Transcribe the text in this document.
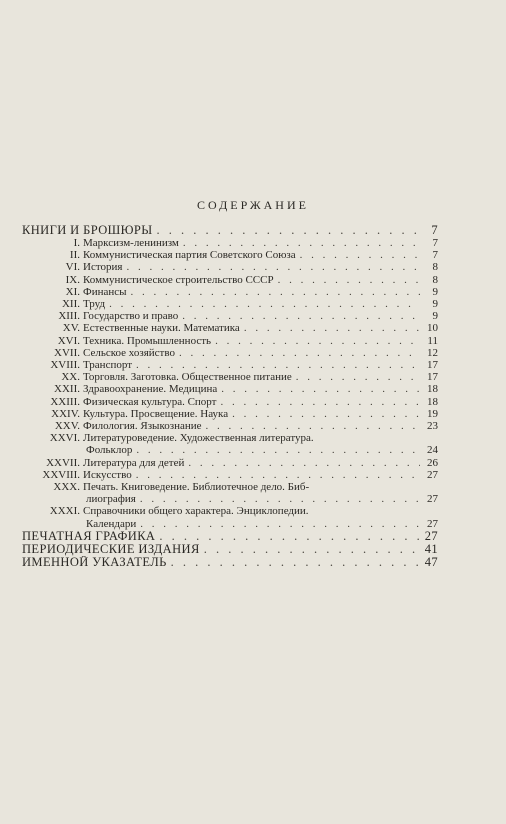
СОДЕРЖАНИЕ
КНИГИ И БРОШЮРЫ . . .	7
I. Марксизм-ленинизм . . .	7
II. Коммунистическая партия Советского Союза . . .	7
VI. История . . .	8
IX. Коммунистическое строительство СССР . . .	8
XI. Финансы . . .	9
XII. Труд . . .	9
XIII. Государство и право . . .	9
XV. Естественные науки. Математика . . .	10
XVI. Техника. Промышленность . . .	11
XVII. Сельское хозяйство . . .	12
XVIII. Транспорт . . .	17
XX. Торговля. Заготовка. Общественное питание . . .	17
XXII. Здравоохранение. Медицина . . .	18
XXIII. Физическая культура. Спорт . . .	18
XXIV. Культура. Просвещение. Наука . . .	19
XXV. Филология. Языкознание . . .	23
XXVI. Литературоведение. Художественная литература.
Фольклор . . .	24
XXVII. Литература для детей . . .	26
XXVIII. Искусство . . .	27
XXX. Печать. Книговедение. Библиотечное дело. Биб-
лиография . . .	27
XXXI. Справочники общего характера. Энциклопедии.
Календари . . .	27
ПЕЧАТНАЯ ГРАФИКА . . .	27
ПЕРИОДИЧЕСКИЕ ИЗДАНИЯ . . .	41
ИМЕННОЙ УКАЗАТЕЛЬ . . .	47
